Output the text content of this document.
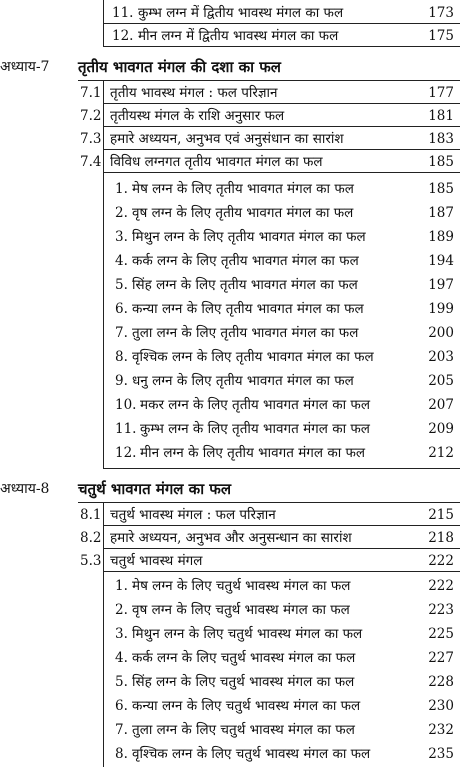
11. कुम्भ लग्न में द्वितीय भावस्थ मंगल का फल	173
12. मीन लग्न में द्वितीय भावस्थ मंगल का फल	175
अध्याय-7 तृतीय भावगत मंगल की दशा का फल
7.1 तृतीय भावस्थ मंगल : फल परिज्ञान	177
7.2 तृतीयस्थ मंगल के राशि अनुसार फल	181
7.3 हमारे अध्ययन, अनुभव एवं अनुसंधान का सारांश	183
7.4 विविध लग्नगत तृतीय भावगत मंगल का फल	185
1. मेष लग्न के लिए तृतीय भावगत मंगल का फल	185
2. वृष लग्न के लिए तृतीय भावगत मंगल का फल	187
3. मिथुन लग्न के लिए तृतीय भावगत मंगल का फल	189
4. कर्क लग्न के लिए तृतीय भावगत मंगल का फल	194
5. सिंह लग्न के लिए तृतीय भावगत मंगल का फल	197
6. कन्या लग्न के लिए तृतीय भावगत मंगल का फल	199
7. तुला लग्न के लिए तृतीय भावगत मंगल का फल	200
8. वृश्चिक लग्न के लिए तृतीय भावगत मंगल का फल	203
9. धनु लग्न के लिए तृतीय भावगत मंगल का फल	205
10. मकर लग्न के लिए तृतीय भावगत मंगल का फल	207
11. कुम्भ लग्न के लिए तृतीय भावगत मंगल का फल	209
12. मीन लग्न के लिए तृतीय भावगत मंगल का फल	212
अध्याय-8 चतुर्थ भावगत मंगल का फल
8.1 चतुर्थ भावस्थ मंगल : फल परिज्ञान	215
8.2 हमारे अध्ययन, अनुभव और अनुसन्धान का सारांश	218
5.3 चतुर्थ भावस्थ मंगल	222
1. मेष लग्न के लिए चतुर्थ भावस्थ मंगल का फल	222
2. वृष लग्न के लिए चतुर्थ भावस्थ मंगल का फल	223
3. मिथुन लग्न के लिए चतुर्थ भावस्थ मंगल का फल	225
4. कर्क लग्न के लिए चतुर्थ भावस्थ मंगल का फल	227
5. सिंह लग्न के लिए चतुर्थ भावस्थ मंगल का फल	228
6. कन्या लग्न के लिए चतुर्थ भावस्थ मंगल का फल	230
7. तुला लग्न के लिए चतुर्थ भावस्थ मंगल का फल	232
8. वृश्चिक लग्न के लिए चतुर्थ भावस्थ मंगल का फल	235
